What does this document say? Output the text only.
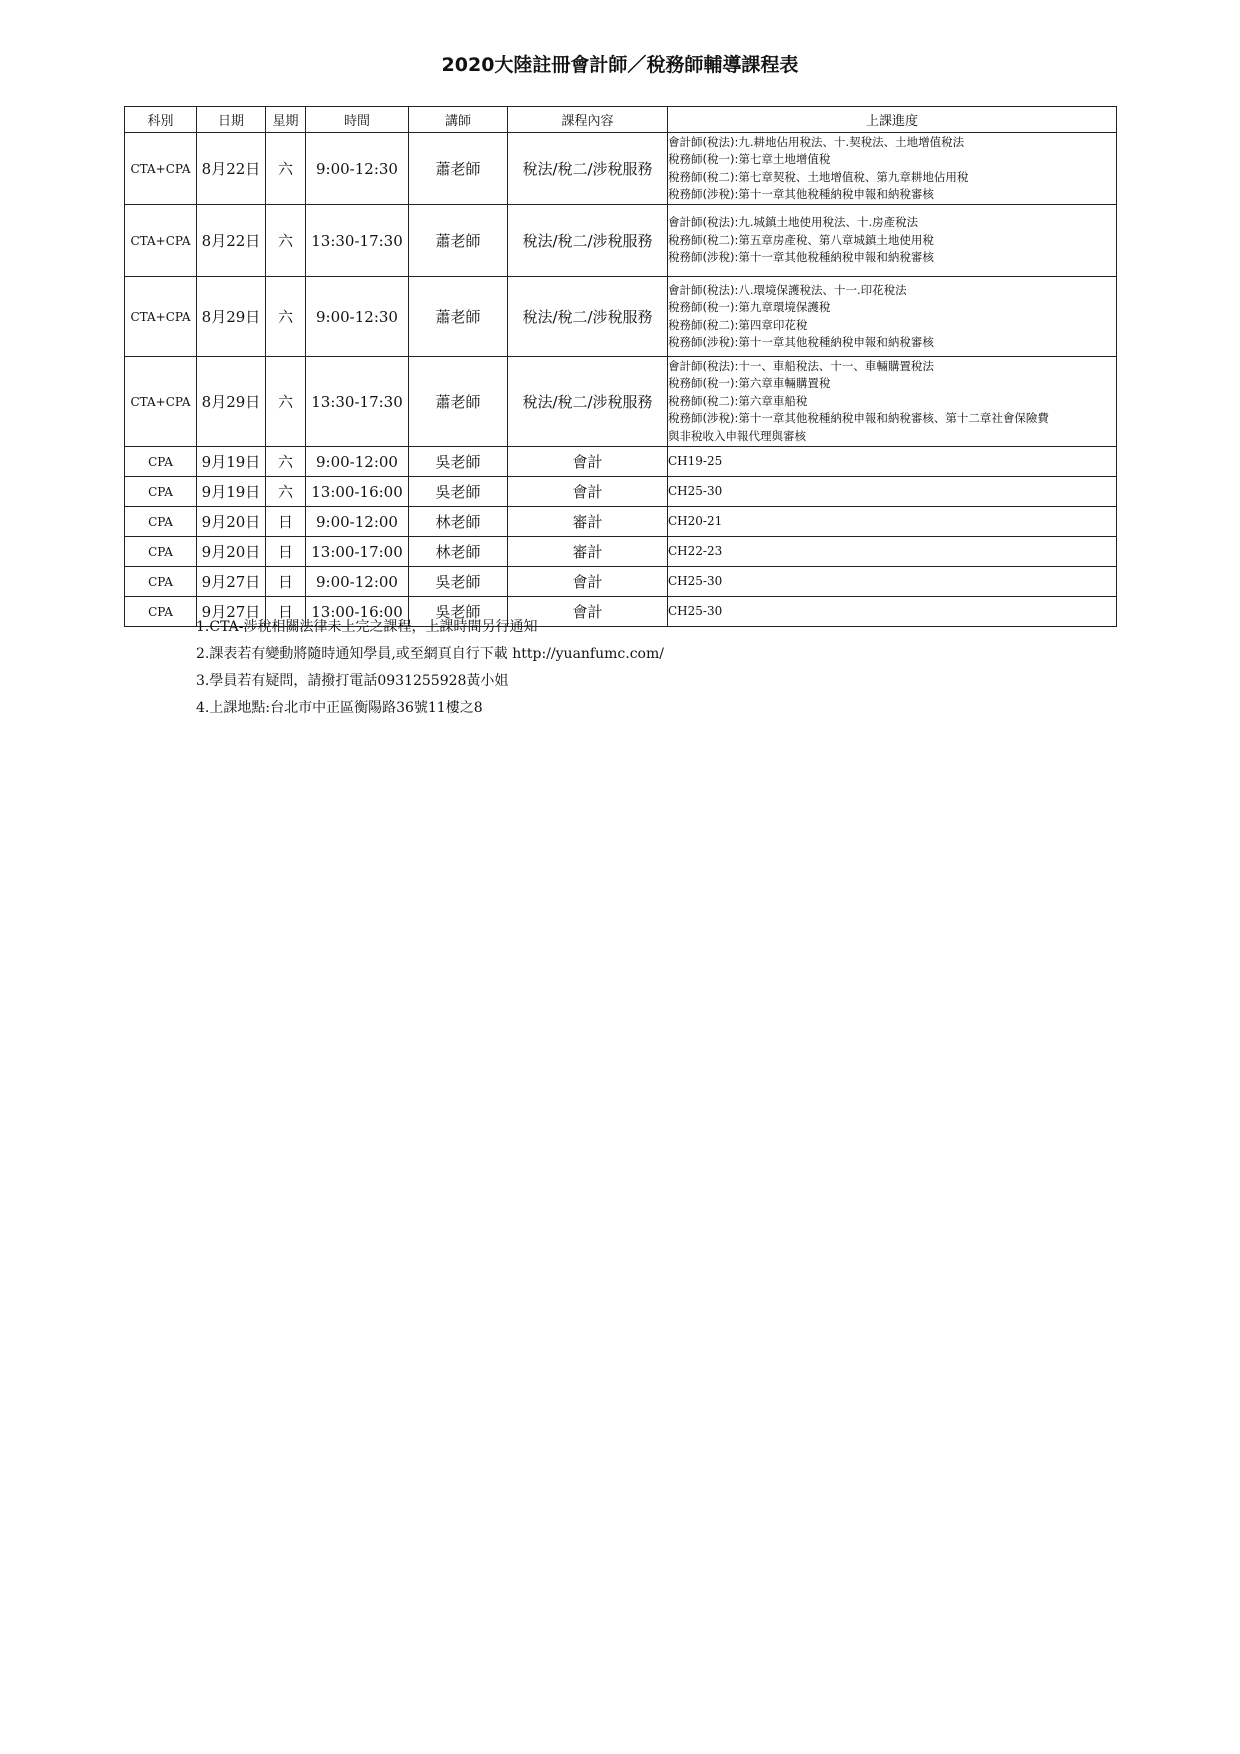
2020大陸註冊會計師／稅務師輔導課程表
科別	日期	星期	時間	講師	課程內容	上課進度
CTA+CPA	8月22日	六	9:00-12:30	蕭老師	稅法/稅二/涉稅服務	會計師(稅法):九.耕地佔用稅法、十.契稅法、土地增值稅法
稅務師(稅一):第七章土地增值稅
稅務師(稅二):第七章契稅、土地增值稅、第九章耕地佔用稅
稅務師(涉稅):第十一章其他稅種納稅申報和納稅審核

CTA+CPA	8月22日	六	13:30-17:30	蕭老師	稅法/稅二/涉稅服務	會計師(稅法):九.城鎮土地使用稅法、十.房產稅法
稅務師(稅二):第五章房產稅、第八章城鎮土地使用稅
稅務師(涉稅):第十一章其他稅種納稅申報和納稅審核

CTA+CPA	8月29日	六	9:00-12:30	蕭老師	稅法/稅二/涉稅服務	會計師(稅法):八.環境保護稅法、十一.印花稅法
稅務師(稅一):第九章環境保護稅
稅務師(稅二):第四章印花稅
稅務師(涉稅):第十一章其他稅種納稅申報和納稅審核

CTA+CPA	8月29日	六	13:30-17:30	蕭老師	稅法/稅二/涉稅服務	會計師(稅法):十一、車船稅法、十一、車輛購置稅法
稅務師(稅一):第六章車輛購置稅
稅務師(稅二):第六章車船稅
稅務師(涉稅):第十一章其他稅種納稅申報和納稅審核、第十二章社會保險費
與非稅收入申報代理與審核

CPA	9月19日	六	9:00-12:00	吳老師	會計	CH19-25

CPA	9月19日	六	13:00-16:00	吳老師	會計	CH25-30

CPA	9月20日	日	9:00-12:00	林老師	審計	CH20-21

CPA	9月20日	日	13:00-17:00	林老師	審計	CH22-23

CPA	9月27日	日	9:00-12:00	吳老師	會計	CH25-30

CPA	9月27日	日	13:00-16:00	吳老師	會計	CH25-30
1.CTA-涉稅相關法律未上完之課程，上課時間另行通知
2.課表若有變動將隨時通知學員,或至網頁自行下載 http://yuanfumc.com/
3.學員若有疑問，請撥打電話0931255928黃小姐
4.上課地點:台北市中正區衡陽路36號11樓之8
